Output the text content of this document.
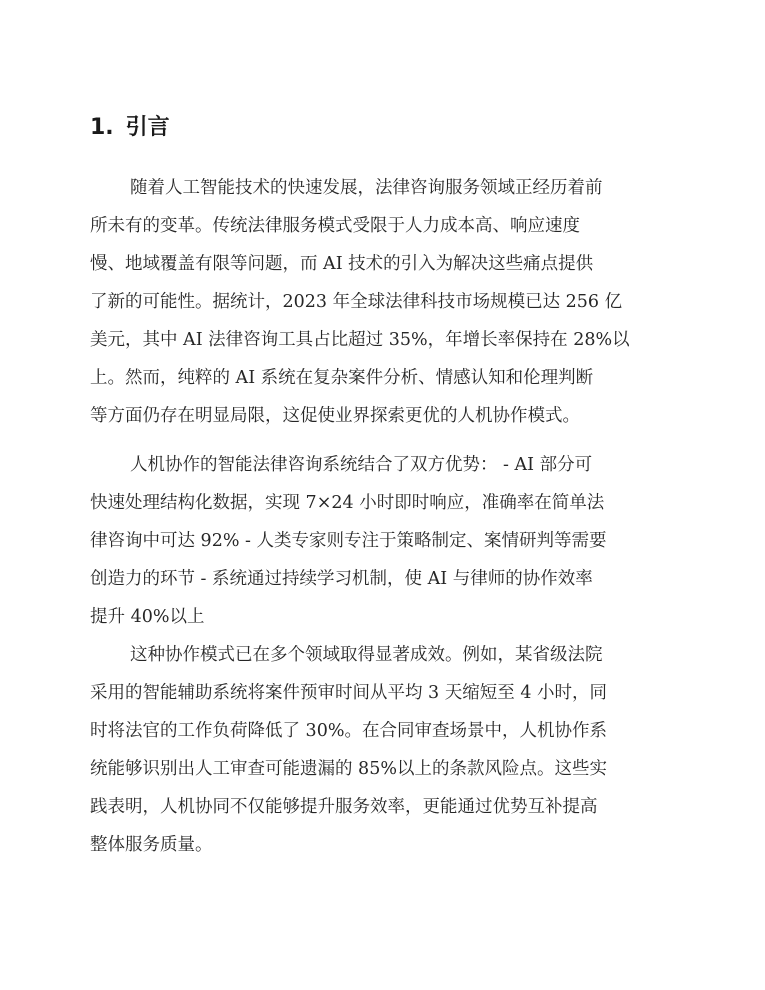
1. 引言
随着人工智能技术的快速发展，法律咨询服务领域正经历着前
所未有的变革。传统法律服务模式受限于人力成本高、响应速度
慢、地域覆盖有限等问题，而 AI 技术的引入为解决这些痛点提供
了新的可能性。据统计，2023 年全球法律科技市场规模已达 256 亿
美元，其中 AI 法律咨询工具占比超过 35%，年增长率保持在 28%以
上。然而，纯粹的 AI 系统在复杂案件分析、情感认知和伦理判断
等方面仍存在明显局限，这促使业界探索更优的人机协作模式。
人机协作的智能法律咨询系统结合了双方优势： - AI 部分可
快速处理结构化数据，实现 7×24 小时即时响应，准确率在简单法
律咨询中可达 92% - 人类专家则专注于策略制定、案情研判等需要
创造力的环节 - 系统通过持续学习机制，使 AI 与律师的协作效率
提升 40%以上
这种协作模式已在多个领域取得显著成效。例如，某省级法院
采用的智能辅助系统将案件预审时间从平均 3 天缩短至 4 小时，同
时将法官的工作负荷降低了 30%。在合同审查场景中，人机协作系
统能够识别出人工审查可能遗漏的 85%以上的条款风险点。这些实
践表明，人机协同不仅能够提升服务效率，更能通过优势互补提高
整体服务质量。
